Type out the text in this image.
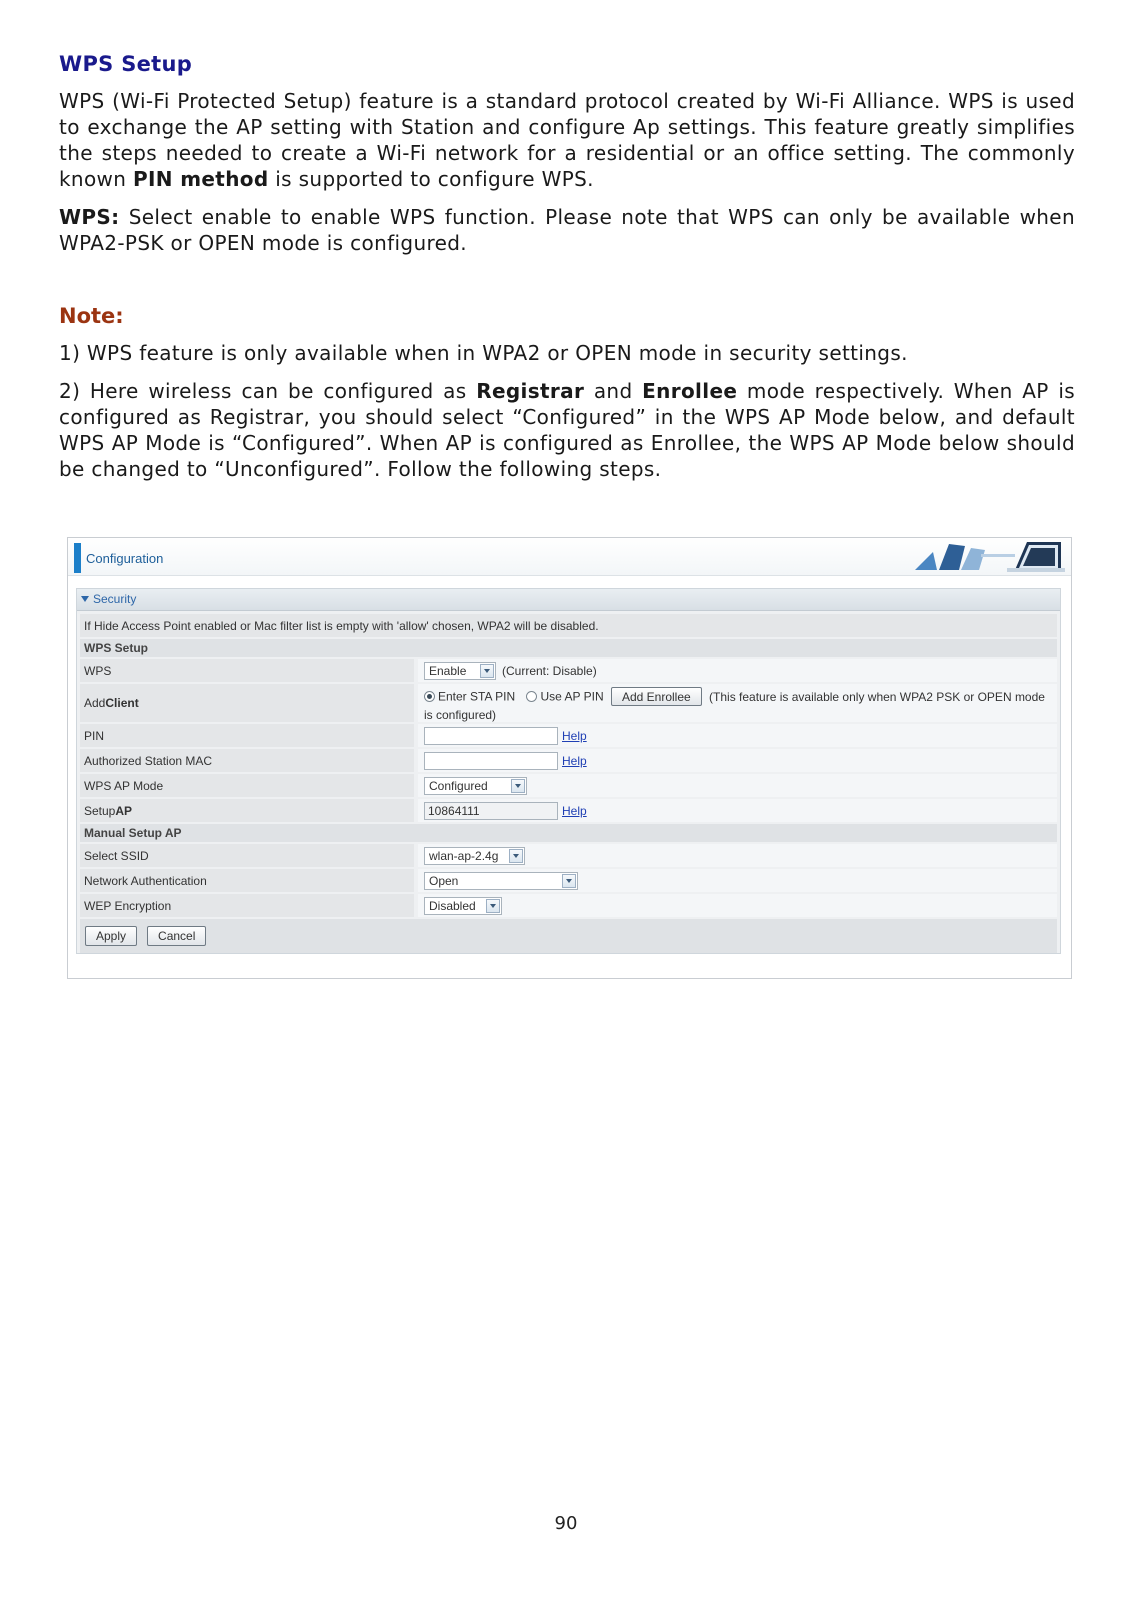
WPS Setup

WPS (Wi-Fi Protected Setup) feature is a standard protocol created by Wi-Fi Alliance. WPS is used to exchange the AP setting with Station and configure Ap settings. This feature greatly simplifies the steps needed to create a Wi-Fi network for a residential or an office setting. The commonly known PIN method is supported to configure WPS.

WPS: Select enable to enable WPS function. Please note that WPS can only be available when WPA2-PSK or OPEN mode is configured.

Note:

1) WPS feature is only available when in WPA2 or OPEN mode in security settings.

2) Here wireless can be configured as Registrar and Enrollee mode respectively. When AP is configured as Registrar, you should select “Configured” in the WPS AP Mode below, and default WPS AP Mode is “Configured”. When AP is configured as Enrollee, the WPS AP Mode below should be changed to “Unconfigured”. Follow the following steps.

Configuration
Security
If Hide Access Point enabled or Mac filter list is empty with 'allow' chosen, WPA2 will be disabled.
WPS Setup
WPS	Enable	(Current: Disable)
Add Client	Enter STA PIN Use AP PIN Add Enrollee (This feature is available only when WPA2 PSK or OPEN mode is configured)
PIN	Help
Authorized Station MAC	Help
WPS AP Mode	Configured
Setup AP	10864111	Help
Manual Setup AP
Select SSID	wlan-ap-2.4g
Network Authentication	Open
WEP Encryption	Disabled
Apply	Cancel
90
